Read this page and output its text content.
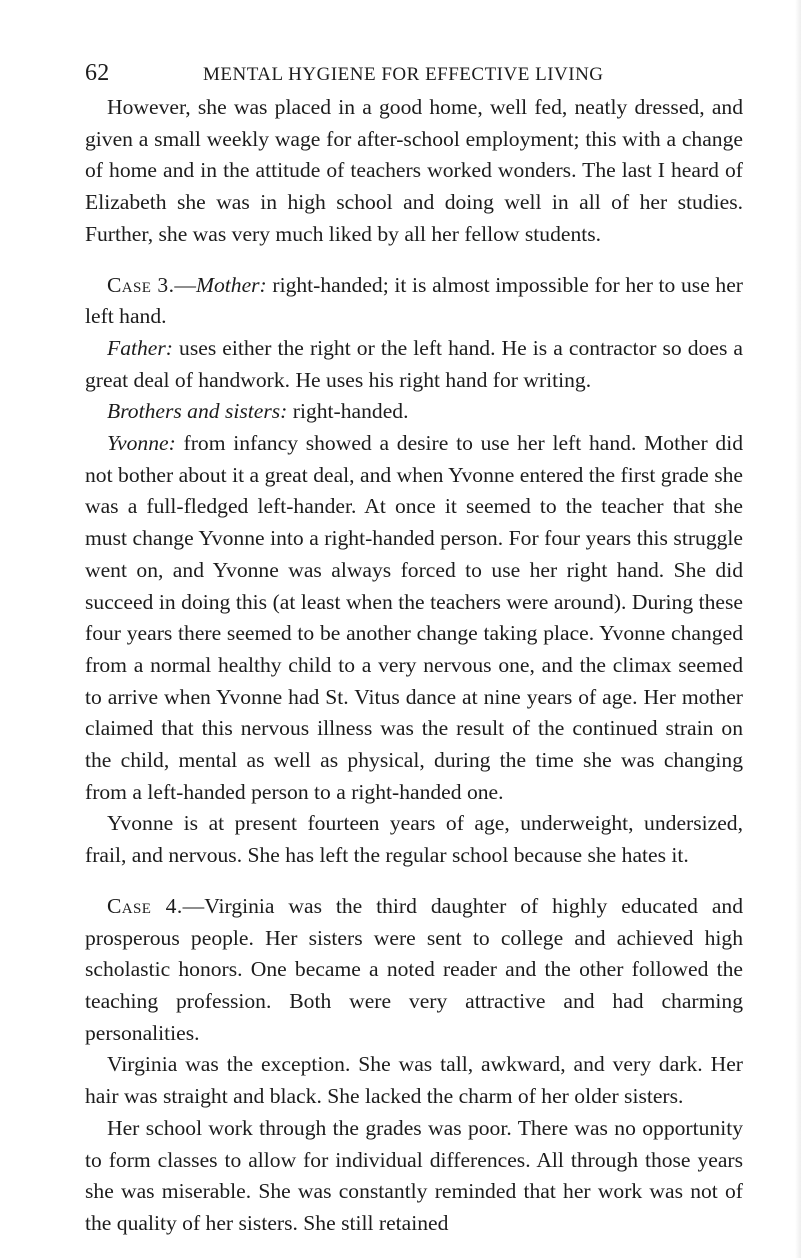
62	MENTAL HYGIENE FOR EFFECTIVE LIVING

However, she was placed in a good home, well fed, neatly dressed, and given a small weekly wage for after-school employment; this with a change of home and in the attitude of teachers worked wonders. The last I heard of Elizabeth she was in high school and doing well in all of her studies. Further, she was very much liked by all her fellow students.

Case 3.—Mother: right-handed; it is almost impossible for her to use her left hand.

Father: uses either the right or the left hand. He is a contractor so does a great deal of handwork. He uses his right hand for writing.

Brothers and sisters: right-handed.

Yvonne: from infancy showed a desire to use her left hand. Mother did not bother about it a great deal, and when Yvonne entered the first grade she was a full-fledged left-hander. At once it seemed to the teacher that she must change Yvonne into a right-handed person. For four years this struggle went on, and Yvonne was always forced to use her right hand. She did succeed in doing this (at least when the teachers were around). During these four years there seemed to be another change taking place. Yvonne changed from a normal healthy child to a very nervous one, and the climax seemed to arrive when Yvonne had St. Vitus dance at nine years of age. Her mother claimed that this nervous illness was the result of the continued strain on the child, mental as well as physical, during the time she was changing from a left-handed person to a right-handed one.

Yvonne is at present fourteen years of age, underweight, undersized, frail, and nervous. She has left the regular school because she hates it.

Case 4.—Virginia was the third daughter of highly educated and prosperous people. Her sisters were sent to college and achieved high scholastic honors. One became a noted reader and the other followed the teaching profession. Both were very attractive and had charming personalities.

Virginia was the exception. She was tall, awkward, and very dark. Her hair was straight and black. She lacked the charm of her older sisters.

Her school work through the grades was poor. There was no opportunity to form classes to allow for individual differences. All through those years she was miserable. She was constantly reminded that her work was not of the quality of her sisters. She still retained
